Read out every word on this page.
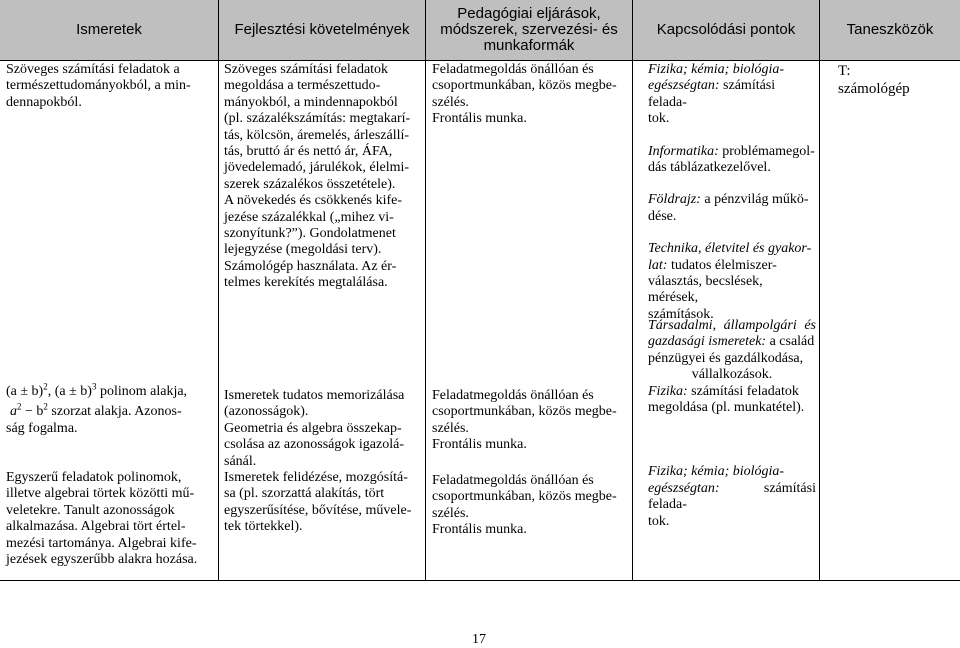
Ismeretek	Fejlesztési követelmények
Pedagógiai eljárások, módszerek, szervezési- és munkaformák
Kapcsolódási pontok	Taneszközök

Szöveges számítási feladatok a

természettudományokból, a min-

dennapokból.

Szöveges számítási feladatok

megoldása a természettudo-

mányokból, a mindennapokból

(pl. százalékszámítás: megtakarí-

tás, kölcsön, áremelés, árleszállí-

tás, bruttó ár és nettó ár, ÁFA,

jövedelemadó, járulékok, élelmi-

szerek százalékos összetétele).

A növekedés és csökkenés kife-

jezése százalékkal („mihez vi-

szonyítunk?”). Gondolatmenet

lejegyzése (megoldási terv).

Számológép használata. Az ér-

telmes kerekítés megtalálása.

Feladatmegoldás önállóan és

csoportmunkában, közös megbe-

szélés.

Frontális munka.

Fizika; kémia; biológia-

egészségtan: számítási felada-

tok.

Informatika: problémamegol-

dás táblázatkezelővel.

Földrajz: a pénzvilág műkö-

dése.

Technika, életvitel és gyakor-

lat: tudatos élelmiszer-

választás, becslések, mérések,

számítások.

T:

számológép

$(a \pm b)^2$, $(a \pm b)^3$ polinom alakja,

$a^2 - b^2$ szorzat alakja. Azonos-

ság fogalma.

Egyszerű feladatok polinomok,

illetve algebrai törtek közötti mű-

veletekre. Tanult azonosságok

alkalmazása. Algebrai tört értel-

mezési tartománya. Algebrai kife-

jezések egyszerűbb alakra hozása.

Ismeretek tudatos memorizálása

(azonosságok).

Geometria és algebra összekap-

csolása az azonosságok igazolá-

sánál.

Ismeretek felidézése, mozgósítá-

sa (pl. szorzattá alakítás, tört

egyszerűsítése, bővítése, művele-

tek törtekkel).

Feladatmegoldás önállóan és

csoportmunkában, közös megbe-

szélés.

Frontális munka.

Feladatmegoldás önállóan és

csoportmunkában, közös megbe-

szélés.

Frontális munka.

Társadalmi, állampolgári és

gazdasági ismeretek: a család

pénzügyei és gazdálkodása,

vállalkozások.

Fizika: számítási feladatok

megoldása (pl. munkatétel).

Fizika; kémia; biológia-

egészségtan: számítási felada-

tok.

17
